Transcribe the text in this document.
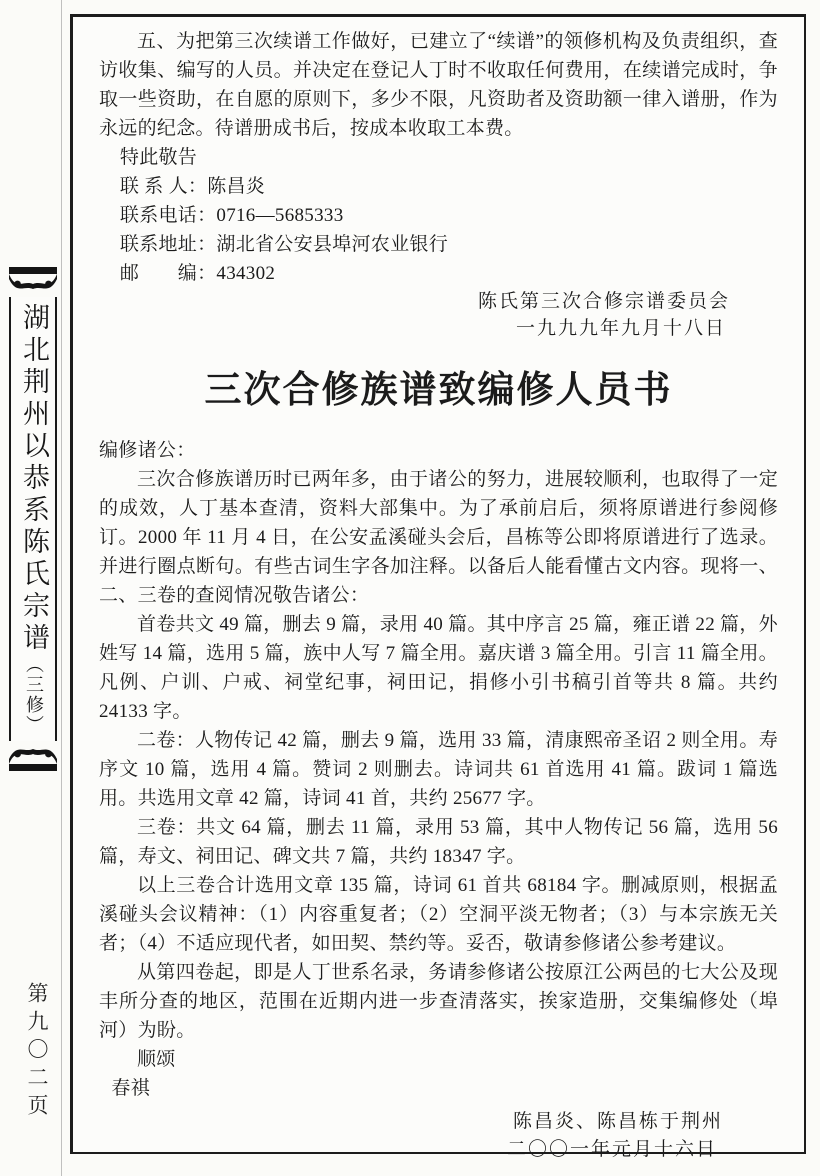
湖北荆州以恭系陈氏宗谱︵三修︶
第九〇二页

五、为把第三次续谱工作做好，已建立了“续谱”的领修机构及负责组织，查访收集、编写的人员。并决定在登记人丁时不收取任何费用，在续谱完成时，争取一些资助，在自愿的原则下，多少不限，凡资助者及资助额一律入谱册，作为永远的纪念。待谱册成书后，按成本收取工本费。

特此敬告
联 系 人：陈昌炎
联系电话：0716—5685333
联系地址：湖北省公安县埠河农业银行
邮　　编：434302
陈氏第三次合修宗谱委员会
一九九九年九月十八日
三次合修族谱致编修人员书
编修诸公：

三次合修族谱历时已两年多，由于诸公的努力，进展较顺利，也取得了一定的成效，人丁基本查清，资料大部集中。为了承前启后，须将原谱进行参阅修订。2000 年 11 月 4 日，在公安孟溪碰头会后，昌栋等公即将原谱进行了选录。并进行圈点断句。有些古词生字各加注释。以备后人能看懂古文内容。现将一、二、三卷的查阅情况敬告诸公：

首卷共文 49 篇，删去 9 篇，录用 40 篇。其中序言 25 篇，雍正谱 22 篇，外姓写 14 篇，选用 5 篇，族中人写 7 篇全用。嘉庆谱 3 篇全用。引言 11 篇全用。凡例、户训、户戒、祠堂纪事，祠田记，捐修小引书稿引首等共 8 篇。共约 24133 字。

二卷：人物传记 42 篇，删去 9 篇，选用 33 篇，清康熙帝圣诏 2 则全用。寿序文 10 篇，选用 4 篇。赞词 2 则删去。诗词共 61 首选用 41 篇。跋词 1 篇选用。共选用文章 42 篇，诗词 41 首，共约 25677 字。

三卷：共文 64 篇，删去 11 篇，录用 53 篇，其中人物传记 56 篇，选用 56 篇，寿文、祠田记、碑文共 7 篇，共约 18347 字。

以上三卷合计选用文章 135 篇，诗词 61 首共 68184 字。删减原则，根据孟溪碰头会议精神：（1）内容重复者；（2）空洞平淡无物者；（3）与本宗族无关者；（4）不适应现代者，如田契、禁约等。妥否，敬请参修诸公参考建议。

从第四卷起，即是人丁世系名录，务请参修诸公按原江公两邑的七大公及现丰所分查的地区，范围在近期内进一步查清落实，挨家造册，交集编修处（埠河）为盼。

顺颂
春祺
陈昌炎、陈昌栋于荆州
二〇〇一年元月十六日
